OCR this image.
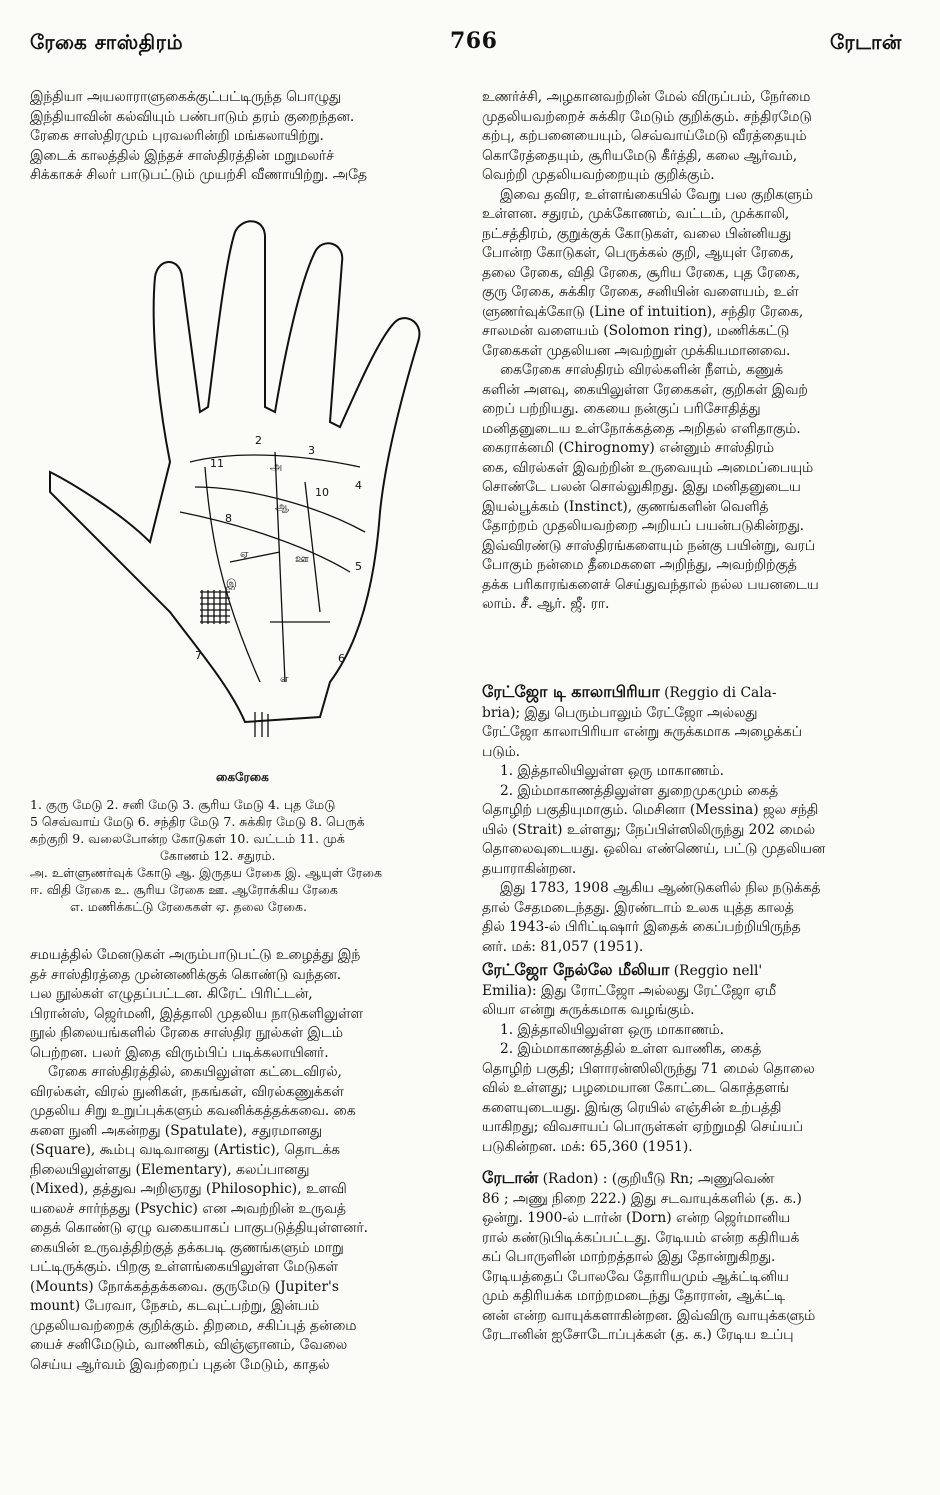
ரேகை சாஸ்திரம்	766	ரேடான்
இந்தியா அயலாராளுகைக்குட்பட்டிருந்த பொழுது
இந்தியாவின் கல்வியும் பண்பாடும் தரம் குறைந்தன.
ரேகை சாஸ்திரமும் புரவலரின்றி மங்கலாயிற்று.
இடைக் காலத்தில் இந்தச் சாஸ்திரத்தின் மறுமலர்ச்
சிக்காகச் சிலர் பாடுபட்டும் முயற்சி வீணாயிற்று. அதே
2
3
4
5
6
7
8
10
11	அ
ஆ
இ
ஊ
எ
ஏ
கைரேகை
1. குரு மேடு 2. சனி மேடு 3. சூரிய மேடு 4. புத மேடு
5 செவ்வாய் மேடு 6. சந்திர மேடு 7. சுக்கிர மேடு 8. பெருக்
கற்குறி 9. வலைபோன்ற கோடுகள் 10. வட்டம் 11. முக்
கோணம் 12. சதுரம்.
அ. உள்ளுணர்வுக் கோடு ஆ. இருதய ரேகை இ. ஆயுள் ரேகை
ஈ. விதி ரேகை உ. சூரிய ரேகை ஊ. ஆரோக்கிய ரேகை
எ. மணிக்கட்டு ரேகைகள் ஏ. தலை ரேகை.
சமயத்தில் மேனடுகள் அரும்பாடுபட்டு உழைத்து இந்
தச் சாஸ்திரத்தை முன்னணிக்குக் கொண்டு வந்தன.
பல நூல்கள் எழுதப்பட்டன. கிரேட் பிரிட்டன்,
பிரான்ஸ், ஜெர்மனி, இத்தாலி முதலிய நாடுகளிலுள்ள
நூல் நிலையங்களில் ரேகை சாஸ்திர நூல்கள் இடம்
பெற்றன. பலர் இதை விரும்பிப் படிக்கலாயினர்.
ரேகை சாஸ்திரத்தில், கையிலுள்ள கட்டைவிரல்,
விரல்கள், விரல் நுனிகள், நகங்கள், விரல்கணுக்கள்
முதலிய சிறு உறுப்புக்களும் கவனிக்கத்தக்கவை. கை
களை நுனி அகன்றது (Spatulate), சதுரமானது
(Square), கூம்பு வடிவானது (Artistic), தொடக்க
நிலையிலுள்ளது (Elementary), கலப்பானது
(Mixed), தத்துவ அறிஞரது (Philosophic), உளவி
யலைச் சார்ந்தது (Psychic) என அவற்றின் உருவத்
தைக் கொண்டு ஏழு வகையாகப் பாகுபடுத்தியுள்ளனர்.
கையின் உருவத்திற்குத் தக்கபடி குணங்களும் மாறு
பட்டிருக்கும். பிறகு உள்ளங்கையிலுள்ள மேடுகள்
(Mounts) நோக்கத்தக்கவை. குருமேடு (Jupiter's
mount) பேரவா, நேசம், கடவுட்பற்று, இன்பம்
முதலியவற்றைக் குறிக்கும். திறமை, சகிப்புத் தன்மை
யைச் சனிமேடும், வாணிகம், விஞ்ஞானம், வேலை
செய்ய ஆர்வம் இவற்றைப் புதன் மேடும், காதல்
உணர்ச்சி, அழகானவற்றின் மேல் விருப்பம், நேர்மை
முதலியவற்றைச் சுக்கிர மேடும் குறிக்கும். சந்திரமேடு
கற்பு, கற்பனையையும், செவ்வாய்மேடு வீரத்தையும்
கொரேத்தையும், சூரியமேடு கீர்த்தி, கலை ஆர்வம்,
வெற்றி முதலியவற்றையும் குறிக்கும்.
இவை தவிர, உள்ளங்கையில் வேறு பல குறிகளும்
உள்ளன. சதுரம், முக்கோணம், வட்டம், முக்காலி,
நட்சத்திரம், குறுக்குக் கோடுகள், வலை பின்னியது
போன்ற கோடுகள், பெருக்கல் குறி, ஆயுள் ரேகை,
தலை ரேகை, விதி ரேகை, சூரிய ரேகை, புத ரேகை,
குரு ரேகை, சுக்கிர ரேகை, சனியின் வளையம், உள்
ளுணர்வுக்கோடு (Line of intuition), சந்திர ரேகை,
சாலமன் வளையம் (Solomon ring), மணிக்கட்டு
ரேகைகள் முதலியன அவற்றுள் முக்கியமானவை.
கைரேகை சாஸ்திரம் விரல்களின் நீளம், கணுக்
களின் அளவு, கையிலுள்ள ரேகைகள், குறிகள் இவற்
றைப் பற்றியது. கையை நன்குப் பரிசோதித்து
மனிதனுடைய உள்நோக்கத்தை அறிதல் எளிதாகும்.
கைராக்னமி (Chirognomy) என்னும் சாஸ்திரம்
கை, விரல்கள் இவற்றின் உருவையும் அமைப்பையும்
சொண்டே பலன் சொல்லுகிறது. இது மனிதனுடைய
இயல்பூக்கம் (Instinct), குணங்களின் வெளித்
தோற்றம் முதலியவற்றை அறியப் பயன்படுகின்றது.
இவ்விரண்டு சாஸ்திரங்களையும் நன்கு பயின்று, வரப்
போகும் நன்மை தீமைகளை அறிந்து, அவற்றிற்குத்
தக்க பரிகாரங்களைச் செய்துவந்தால் நல்ல பயனடைய
லாம். சீ. ஆர். ஜீ. ரா.
ரேட்ஜோ டி காலாபிரியா (Reggio di Cala-
bria); இது பெரும்பாலும் ரேட்ஜோ அல்லது
ரேட்ஜோ காலாபிரியா என்று சுருக்கமாக அழைக்கப்
படும்.
1. இத்தாலியிலுள்ள ஒரு மாகாணம்.
2. இம்மாகாணத்திலுள்ள துறைமுகமும் கைத்
தொழிற் பகுதியுமாகும். மெசினா (Messina) ஜல சந்தி
யில் (Strait) உள்ளது; நேப்பிள்ஸிலிருந்து 202 மைல்
தொலைவுடையது. ஒலிவ எண்ணெய், பட்டு முதலியன
தயாராகின்றன.
இது 1783, 1908 ஆகிய ஆண்டுகளில் நில நடுக்கத்
தால் சேதமடைந்தது. இரண்டாம் உலக யுத்த காலத்
தில் 1943-ல் பிரிட்டிஷார் இதைக் கைப்பற்றியிருந்த
னர். மக்: 81,057 (1951).
ரேட்ஜோ நேல்லே மீலியா (Reggio nell'
Emilia): இது ரோட்ஜோ அல்லது ரேட்ஜோ ஏமீ
லியா என்று சுருக்கமாக வழங்கும்.
1. இத்தாலியிலுள்ள ஒரு மாகாணம்.
2. இம்மாகாணத்தில் உள்ள வாணிக, கைத்
தொழிற் பகுதி; பிளாரன்ஸிலிருந்து 71 மைல் தொலை
வில் உள்ளது; பழமையான கோட்டை கொத்தளங்
களையுடையது. இங்கு ரெயில் எஞ்சின் உற்பத்தி
யாகிறது; விவசாயப் பொருள்கள் ஏற்றுமதி செய்யப்
படுகின்றன. மக்: 65,360 (1951).
ரேடான் (Radon) : (குறியீடு Rn; அணுவெண்
86 ; அணு நிறை 222.) இது சடவாயுக்களில் (த. க.)
ஒன்று. 1900-ல் டார்ன் (Dorn) என்ற ஜெர்மானிய
ரால் கண்டுபிடிக்கப்பட்டது. ரேடியம் என்ற கதிரியக்
கப் பொருளின் மாற்றத்தால் இது தோன்றுகிறது.
ரேடியத்தைப் போலவே தோரியமும் ஆக்ட்டினிய
மும் கதிரியக்க மாற்றமடைந்து தோரான், ஆக்ட்டி
னன் என்ற வாயுக்களாகின்றன. இவ்விரு வாயுக்களும்
ரேடானின் ஐசோடோப்புக்கள் (த. க.) ரேடிய உப்பு
